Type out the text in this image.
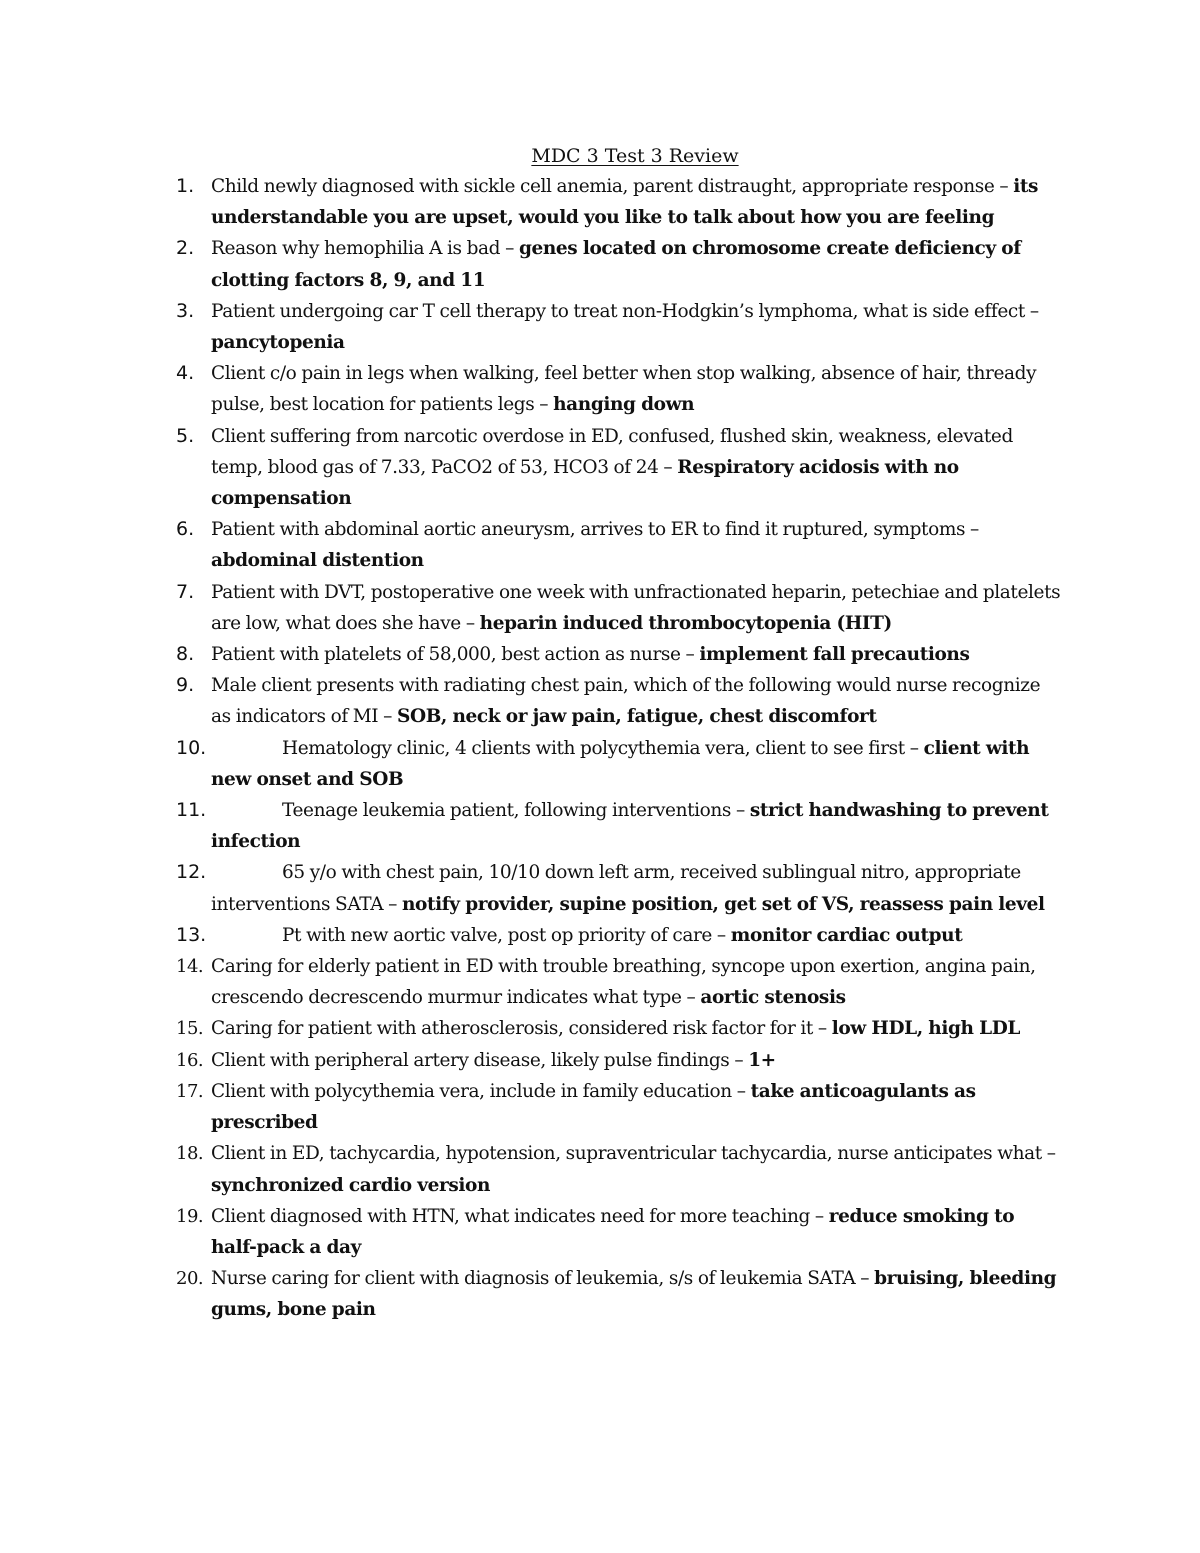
MDC 3 Test 3 Review
1. Child newly diagnosed with sickle cell anemia, parent distraught, appropriate response – its understandable you are upset, would you like to talk about how you are feeling
2. Reason why hemophilia A is bad – genes located on chromosome create deficiency of clotting factors 8, 9, and 11
3. Patient undergoing car T cell therapy to treat non-Hodgkin’s lymphoma, what is side effect – pancytopenia
4. Client c/o pain in legs when walking, feel better when stop walking, absence of hair, thready pulse, best location for patients legs – hanging down
5. Client suffering from narcotic overdose in ED, confused, flushed skin, weakness, elevated temp, blood gas of 7.33, PaCO2 of 53, HCO3 of 24 – Respiratory acidosis with no compensation
6. Patient with abdominal aortic aneurysm, arrives to ER to find it ruptured, symptoms – abdominal distention
7. Patient with DVT, postoperative one week with unfractionated heparin, petechiae and platelets are low, what does she have – heparin induced thrombocytopenia (HIT)
8. Patient with platelets of 58,000, best action as nurse – implement fall precautions
9. Male client presents with radiating chest pain, which of the following would nurse recognize as indicators of MI – SOB, neck or jaw pain, fatigue, chest discomfort
10.	Hematology clinic, 4 clients with polycythemia vera, client to see first – client with new onset and SOB
11.	Teenage leukemia patient, following interventions – strict handwashing to prevent infection
12.	65 y/o with chest pain, 10/10 down left arm, received sublingual nitro, appropriate interventions SATA – notify provider, supine position, get set of VS, reassess pain level
13.	Pt with new aortic valve, post op priority of care – monitor cardiac output
14. Caring for elderly patient in ED with trouble breathing, syncope upon exertion, angina pain, crescendo decrescendo murmur indicates what type – aortic stenosis
15. Caring for patient with atherosclerosis, considered risk factor for it – low HDL, high LDL
16. Client with peripheral artery disease, likely pulse findings – 1+
17. Client with polycythemia vera, include in family education – take anticoagulants as prescribed
18. Client in ED, tachycardia, hypotension, supraventricular tachycardia, nurse anticipates what – synchronized cardio version
19. Client diagnosed with HTN, what indicates need for more teaching – reduce smoking to half-pack a day
20. Nurse caring for client with diagnosis of leukemia, s/s of leukemia SATA – bruising, bleeding gums, bone pain
